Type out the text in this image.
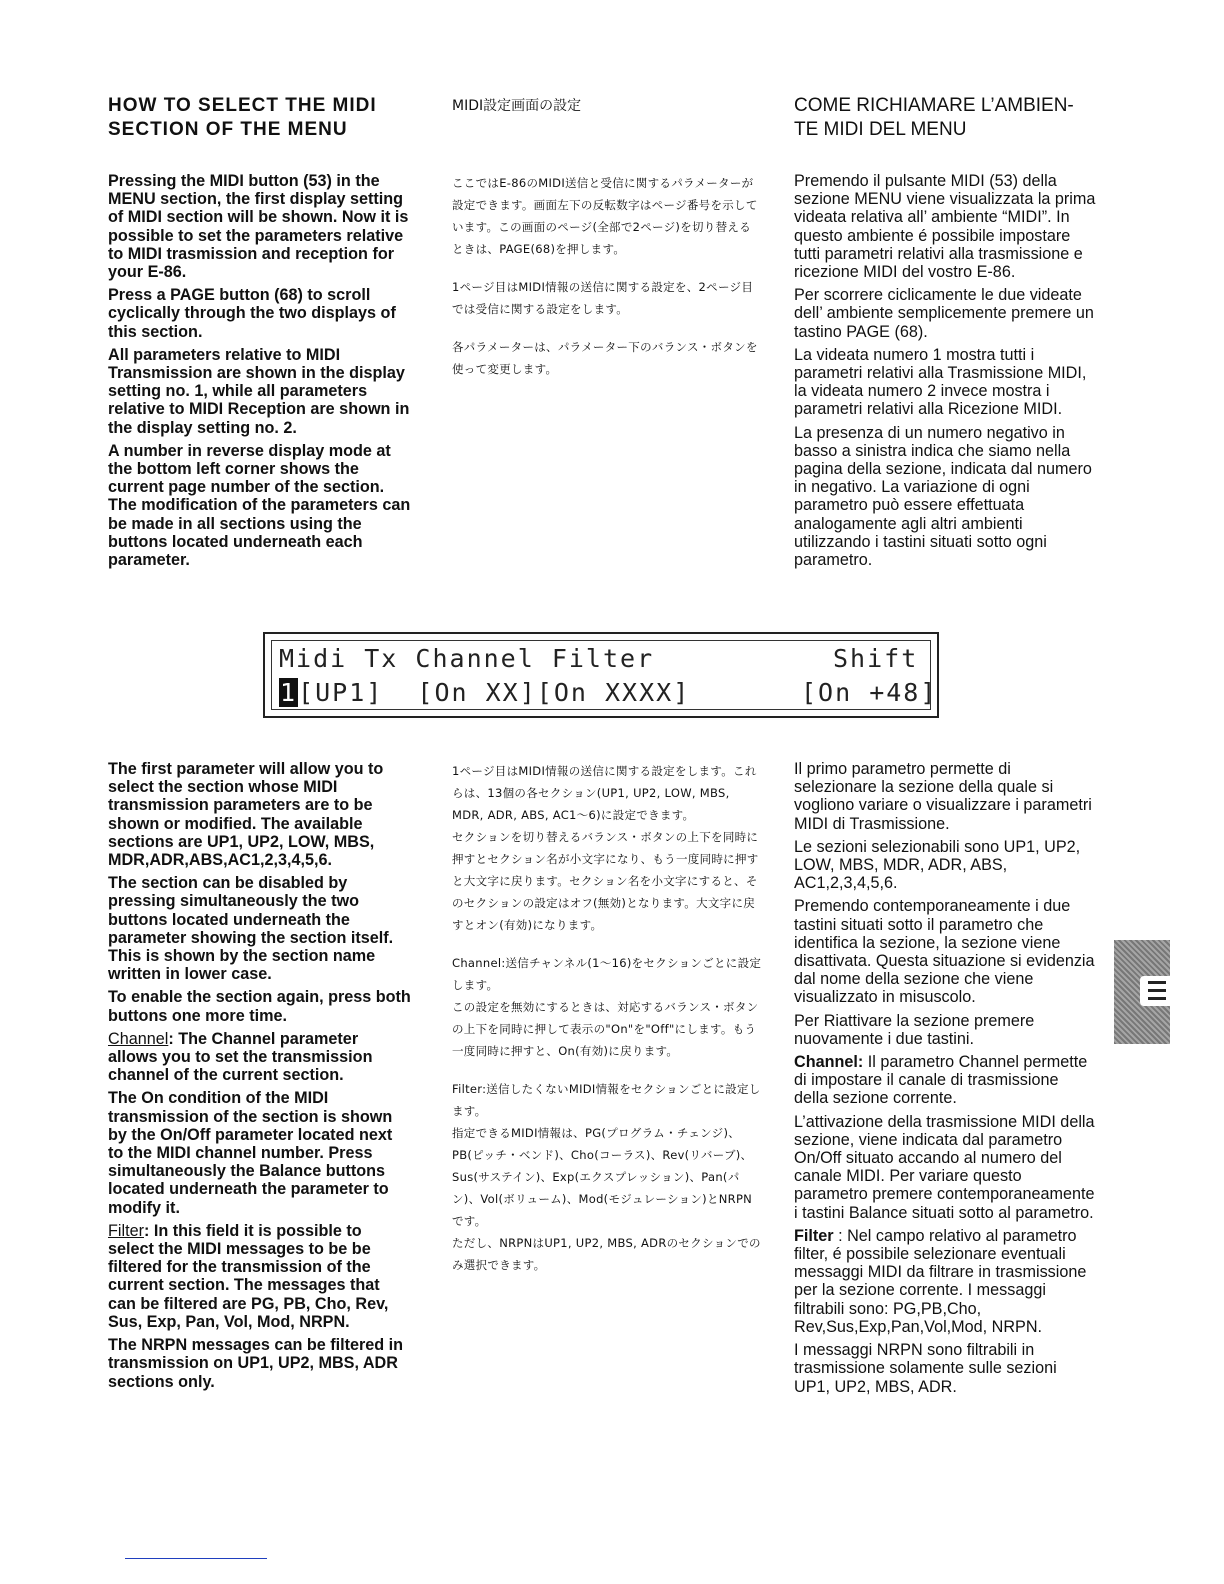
HOW TO SELECT THE MIDI SECTION OF THE MENU

MIDI設定画面の設定	COME RICHIAMARE L’AMBIEN-TE MIDI DEL MENU

Pressing the MIDI button (53) in the MENU section, the first display setting of MIDI section will be shown. Now it is possible to set the parameters relative to MIDI trasmission and reception for your E-86.

Press a PAGE button (68) to scroll cyclically through the two displays of this section.

All parameters relative to MIDI Transmission are shown in the display setting no. 1, while all parameters relative to MIDI Reception are shown in the display setting no. 2.

A number in reverse display mode at the bottom left corner shows the current page number of the section. The modification of the parameters can be made in all sections using the buttons located underneath each parameter.

ここではE-86のMIDI送信と受信に関するパラメーターが設定できます。画面左下の反転数字はページ番号を示しています。この画面のページ(全部で2ページ)を切り替えるときは、PAGE(68)を押します。

1ページ目はMIDI情報の送信に関する設定を、2ページ目では受信に関する設定をします。

各パラメーターは、パラメーター下のバランス・ボタンを使って変更します。

Premendo il pulsante MIDI (53) della sezione MENU viene visualizzata la prima videata relativa all’ ambiente “MIDI”. In questo ambiente é possibile impostare tutti parametri relativi alla trasmissione e ricezione MIDI del vostro E-86.

Per scorrere ciclicamente le due videate dell’ ambiente semplicemente premere un tastino PAGE (68).

La videata numero 1 mostra tutti i parametri relativi alla Trasmissione MIDI, la videata numero 2 invece mostra i parametri relativi alla Ricezione MIDI.

La presenza di un numero negativo in basso a sinistra indica che siamo nella pagina della sezione, indicata dal numero in negativo. La variazione di ogni parametro può essere effettuata analogamente agli altri ambienti utilizzando i tastini situati sotto ogni parametro.

Midi Tx Channel Filter	Shift
1[UP1]  [On XX][On XXXX]	[On +48]

The first parameter will allow you to select the section whose MIDI transmission parameters are to be shown or modified. The available sections are UP1, UP2, LOW, MBS, MDR,ADR,ABS,AC1,2,3,4,5,6.

The section can be disabled by pressing simultaneously the two buttons located underneath the parameter showing the section itself. This is shown by the section name written in lower case.

To enable the section again, press both buttons one more time.

Channel: The Channel parameter allows you to set the transmission channel of the current section.

The On condition of the MIDI transmission of the section is shown by the On/Off parameter located next to the MIDI channel number. Press simultaneously the Balance buttons located underneath the parameter to modify it.

Filter: In this field it is possible to select the MIDI messages to be be filtered for the transmission of the current section. The messages that can be filtered are PG, PB, Cho, Rev, Sus, Exp, Pan, Vol, Mod, NRPN.

The NRPN messages can be filtered in transmission on UP1, UP2, MBS, ADR sections only.

1ページ目はMIDI情報の送信に関する設定をします。これらは、13個の各セクション(UP1, UP2, LOW, MBS, MDR, ADR, ABS, AC1～6)に設定できます。

セクションを切り替えるバランス・ボタンの上下を同時に押すとセクション名が小文字になり、もう一度同時に押すと大文字に戻ります。セクション名を小文字にすると、そのセクションの設定はオフ(無効)となります。大文字に戻すとオン(有効)になります。

Channel:送信チャンネル(1～16)をセクションごとに設定します。

この設定を無効にするときは、対応するバランス・ボタンの上下を同時に押して表示の"On"を"Off"にします。もう一度同時に押すと、On(有効)に戻ります。

Filter:送信したくないMIDI情報をセクションごとに設定します。

指定できるMIDI情報は、PG(プログラム・チェンジ)、PB(ピッチ・ベンド)、Cho(コーラス)、Rev(リバーブ)、Sus(サステイン)、Exp(エクスプレッション)、Pan(パン)、Vol(ボリューム)、Mod(モジュレーション)とNRPNです。

ただし、NRPNはUP1, UP2, MBS, ADRのセクションでのみ選択できます。

Il primo parametro permette di selezionare la sezione della quale si vogliono variare o visualizzare i parametri MIDI di Trasmissione.

Le sezioni selezionabili sono UP1, UP2, LOW, MBS, MDR, ADR, ABS, AC1,2,3,4,5,6.

Premendo contemporaneamente i due tastini situati sotto il parametro che identifica la sezione, la sezione viene disattivata. Questa situazione si evidenzia dal nome della sezione che viene visualizzato in misuscolo.

Per Riattivare la sezione premere nuovamente i due tastini.

Channel: Il parametro Channel permette di impostare il canale di trasmissione della sezione corrente.

L’attivazione della trasmissione MIDI della sezione, viene indicata dal parametro On/Off situato accando al numero del canale MIDI. Per variare questo parametro premere contemporaneamente i tastini Balance situati sotto al parametro.

Filter : Nel campo relativo al parametro filter, é possibile selezionare eventuali messaggi MIDI da filtrare in trasmissione per la sezione corrente. I messaggi filtrabili sono: PG,PB,Cho, Rev,Sus,Exp,Pan,Vol,Mod, NRPN.

I messaggi NRPN sono filtrabili in trasmissione solamente sulle sezioni UP1, UP2, MBS, ADR.
